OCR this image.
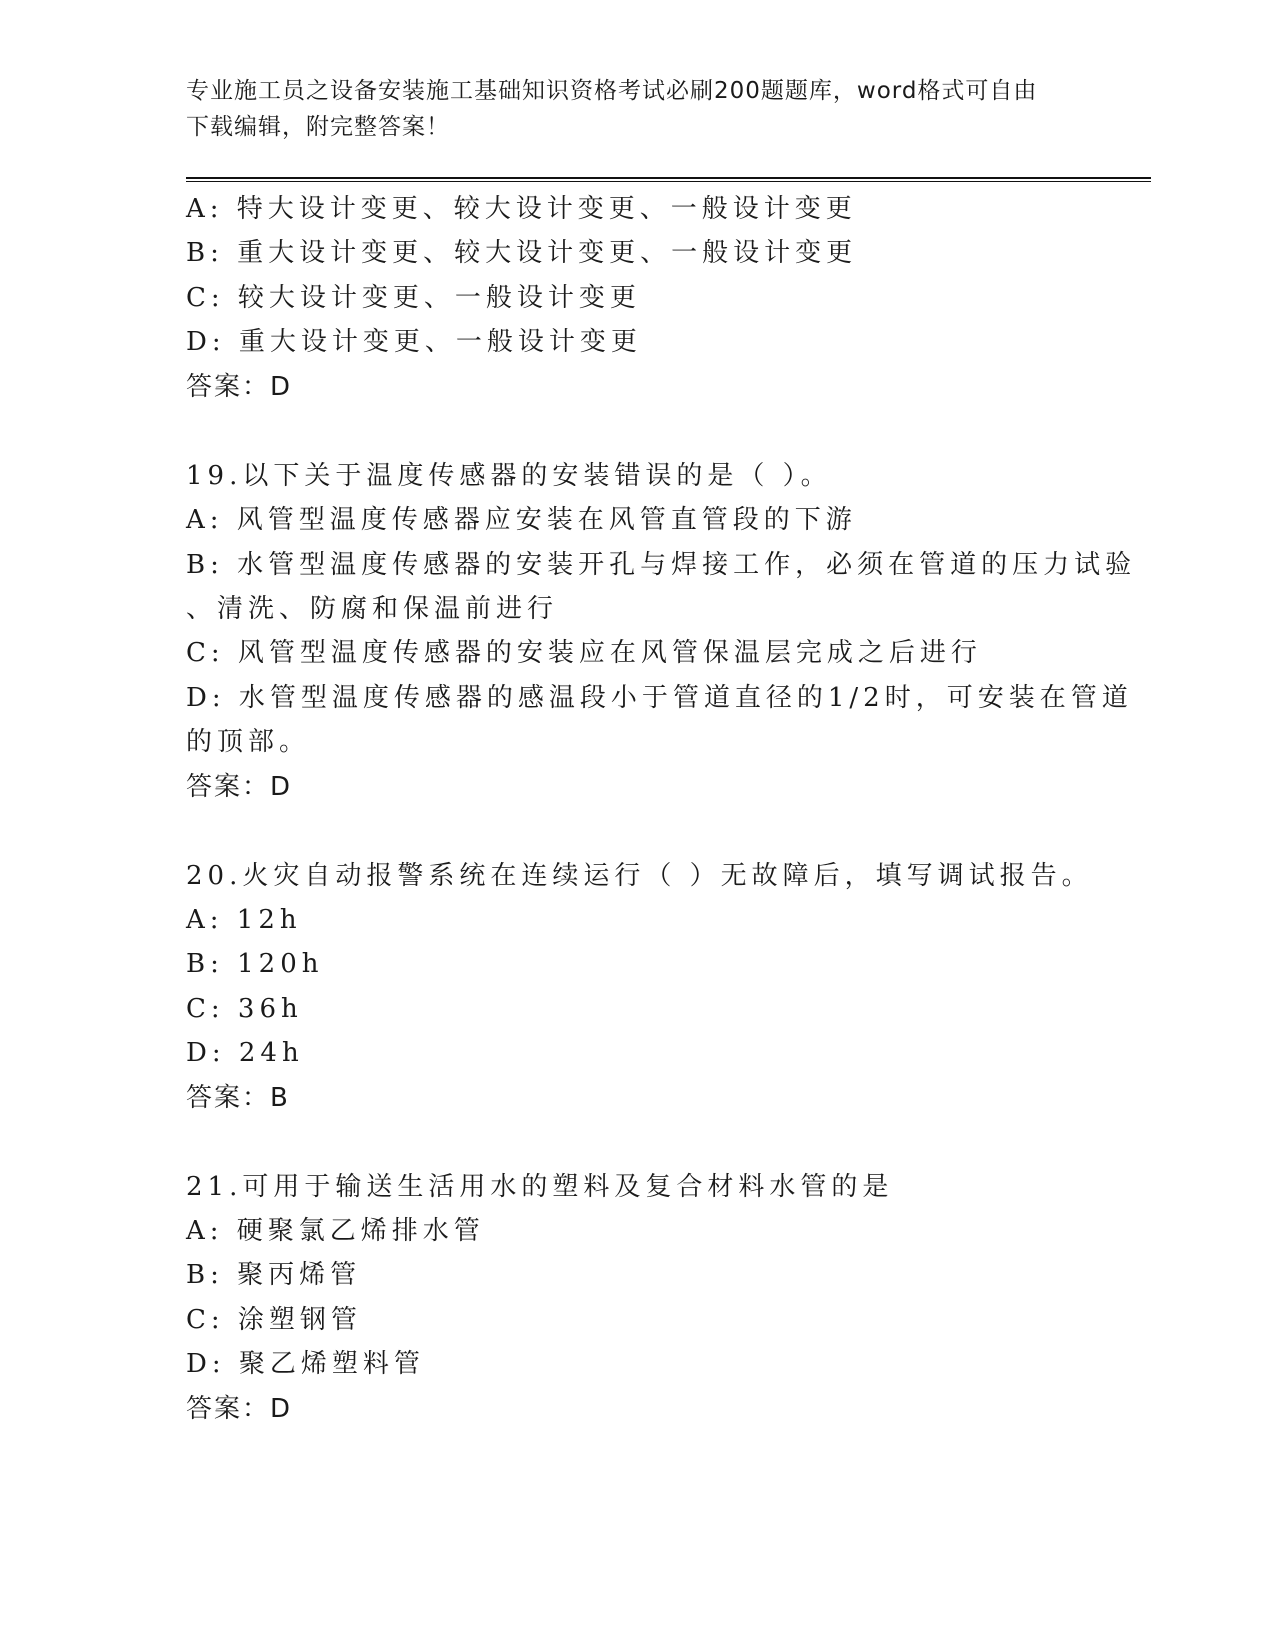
专业施工员之设备安装施工基础知识资格考试必刷200题题库，word格式可自由
下载编辑，附完整答案！
A: 特大设计变更、较大设计变更、一般设计变更
B: 重大设计变更、较大设计变更、一般设计变更
C: 较大设计变更、一般设计变更
D: 重大设计变更、一般设计变更
答案：D
19.以下关于温度传感器的安装错误的是（ ）。
A: 风管型温度传感器应安装在风管直管段的下游
B: 水管型温度传感器的安装开孔与焊接工作，必须在管道的压力试验
、清洗、防腐和保温前进行
C: 风管型温度传感器的安装应在风管保温层完成之后进行
D: 水管型温度传感器的感温段小于管道直径的1/2时，可安装在管道
的顶部。
答案：D
20.火灾自动报警系统在连续运行（ ）无故障后，填写调试报告。
A: 12h
B: 120h
C: 36h
D: 24h
答案：B
21.可用于输送生活用水的塑料及复合材料水管的是
A: 硬聚氯乙烯排水管
B: 聚丙烯管
C: 涂塑钢管
D: 聚乙烯塑料管
答案：D
